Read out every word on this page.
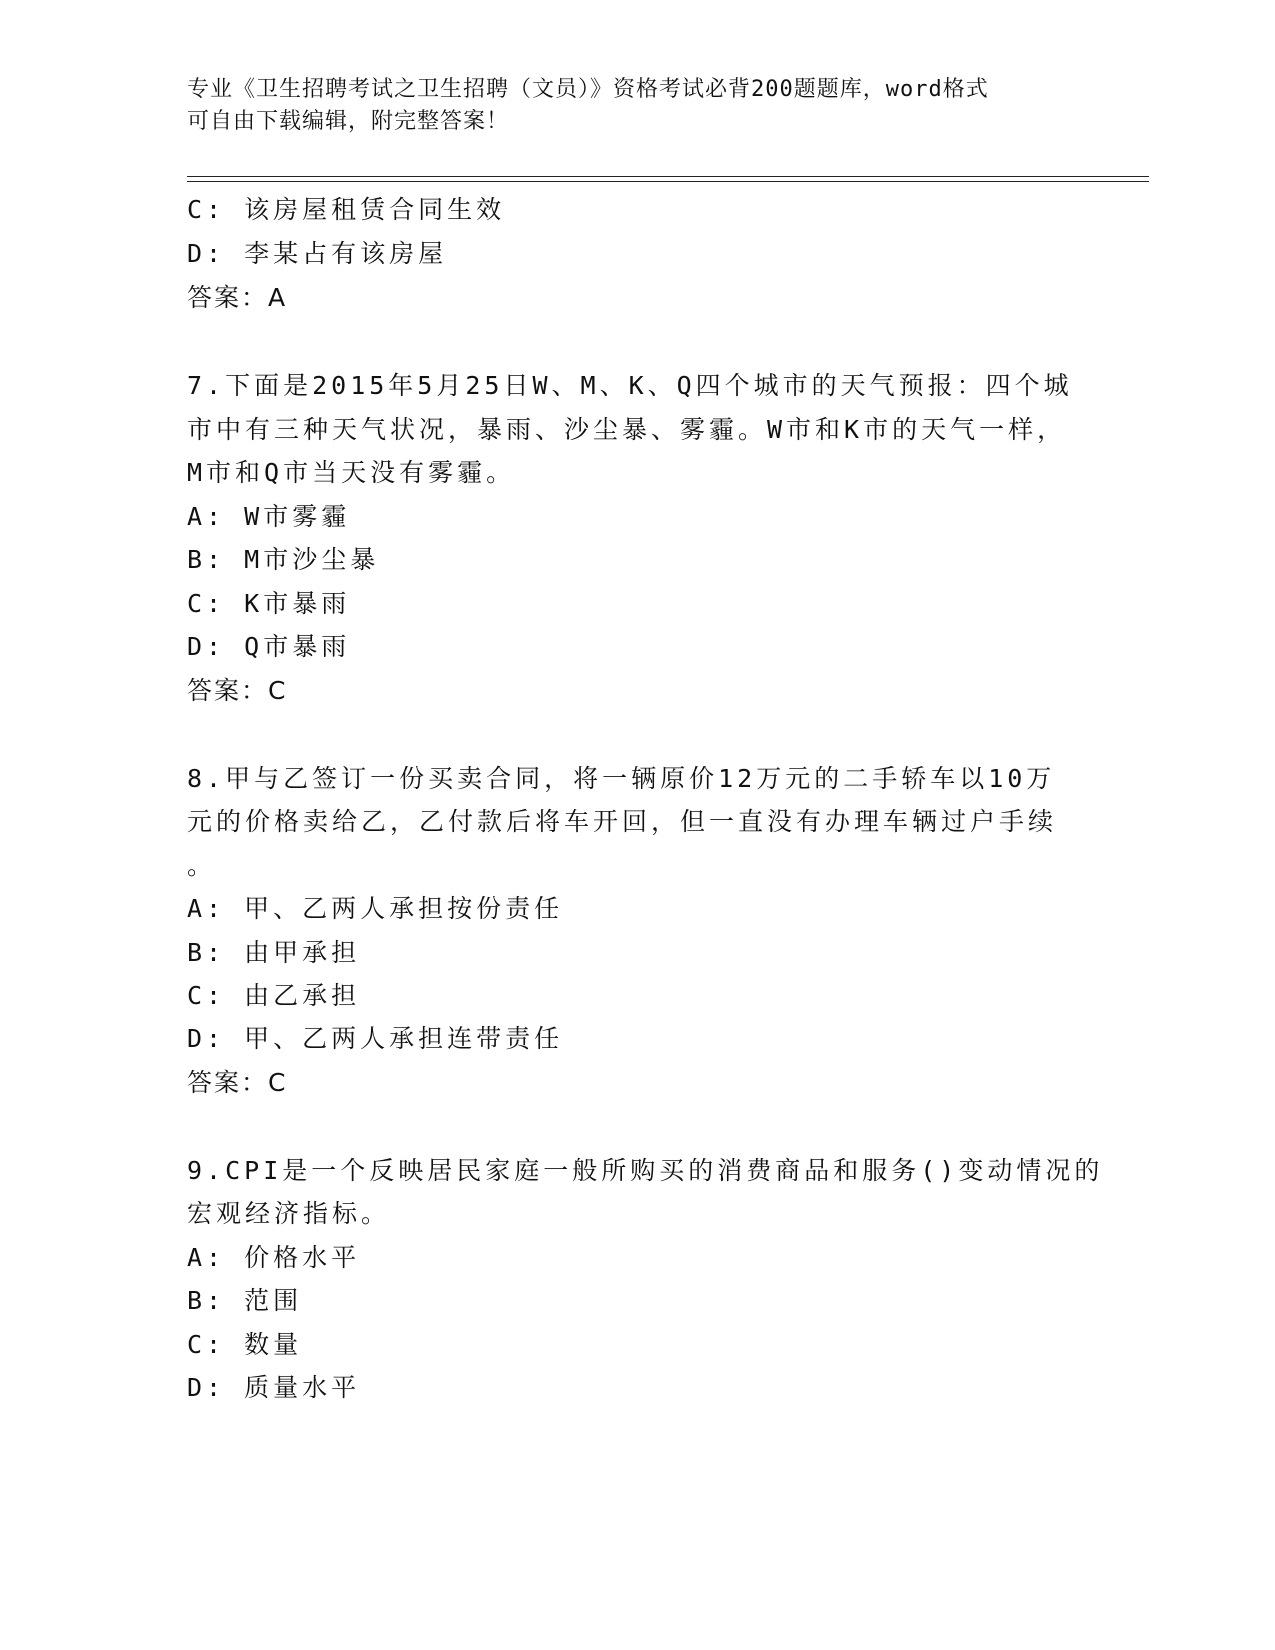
专业《卫生招聘考试之卫生招聘（文员）》资格考试必背200题题库，word格式
可自由下载编辑，附完整答案！
C: 该房屋租赁合同生效
D: 李某占有该房屋
答案：A
7.下面是2015年5月25日W、M、K、Q四个城市的天气预报：四个城
市中有三种天气状况，暴雨、沙尘暴、雾霾。W市和K市的天气一样，
M市和Q市当天没有雾霾。
A: W市雾霾
B: M市沙尘暴
C: K市暴雨
D: Q市暴雨
答案：C
8.甲与乙签订一份买卖合同，将一辆原价12万元的二手轿车以10万
元的价格卖给乙，乙付款后将车开回，但一直没有办理车辆过户手续
。
A: 甲、乙两人承担按份责任
B: 由甲承担
C: 由乙承担
D: 甲、乙两人承担连带责任
答案：C
9.CPI是一个反映居民家庭一般所购买的消费商品和服务()变动情况的
宏观经济指标。
A: 价格水平
B: 范围
C: 数量
D: 质量水平
